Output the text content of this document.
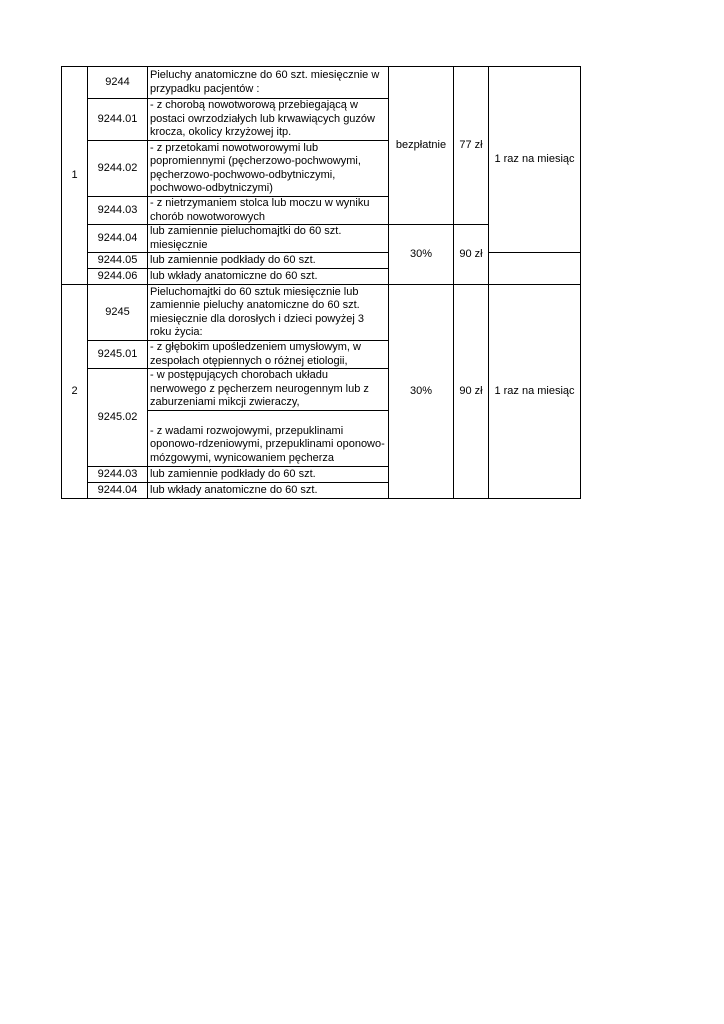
1	9244	Pieluchy anatomiczne do 60 szt. miesięcznie w przypadku pacjentów :	bezpłatnie	77 zł	1 raz na miesiąc
	9244.01	- z chorobą nowotworową przebiegającą w postaci owrzodziałych lub krwawiących guzów krocza, okolicy krzyżowej itp.			
	9244.02	- z przetokami nowotworowymi lub popromiennymi (pęcherzowo-pochwowymi, pęcherzowo-pochwowo-odbytniczymi, pochwowo-odbytniczymi)			
	9244.03	- z nietrzymaniem stolca lub moczu w wyniku chorób nowotworowych			
	9244.04	lub zamiennie pieluchomajtki do 60 szt. miesięcznie	30%	90 zł	
	9244.05	lub zamiennie podkłady do 60 szt.			
	9244.06	lub wkłady anatomiczne do 60 szt.			
2	9245	Pieluchomajtki do 60 sztuk miesięcznie lub zamiennie pieluchy anatomiczne do 60 szt. miesięcznie dla dorosłych i dzieci powyżej 3 roku życia:	30%	90 zł	1 raz na miesiąc
	9245.01	- z głębokim upośledzeniem umysłowym, w zespołach otępiennych o różnej etiologii,			
	9245.02	- w postępujących chorobach układu nerwowego z pęcherzem neurogennym lub z zaburzeniami mikcji zwieraczy,			
		- z wadami rozwojowymi, przepuklinami oponowo-rdzeniowymi, przepuklinami oponowo-mózgowymi, wynicowaniem pęcherza			
	9244.03	lub zamiennie podkłady do 60 szt.			
	9244.04	lub wkłady anatomiczne do 60 szt.			
